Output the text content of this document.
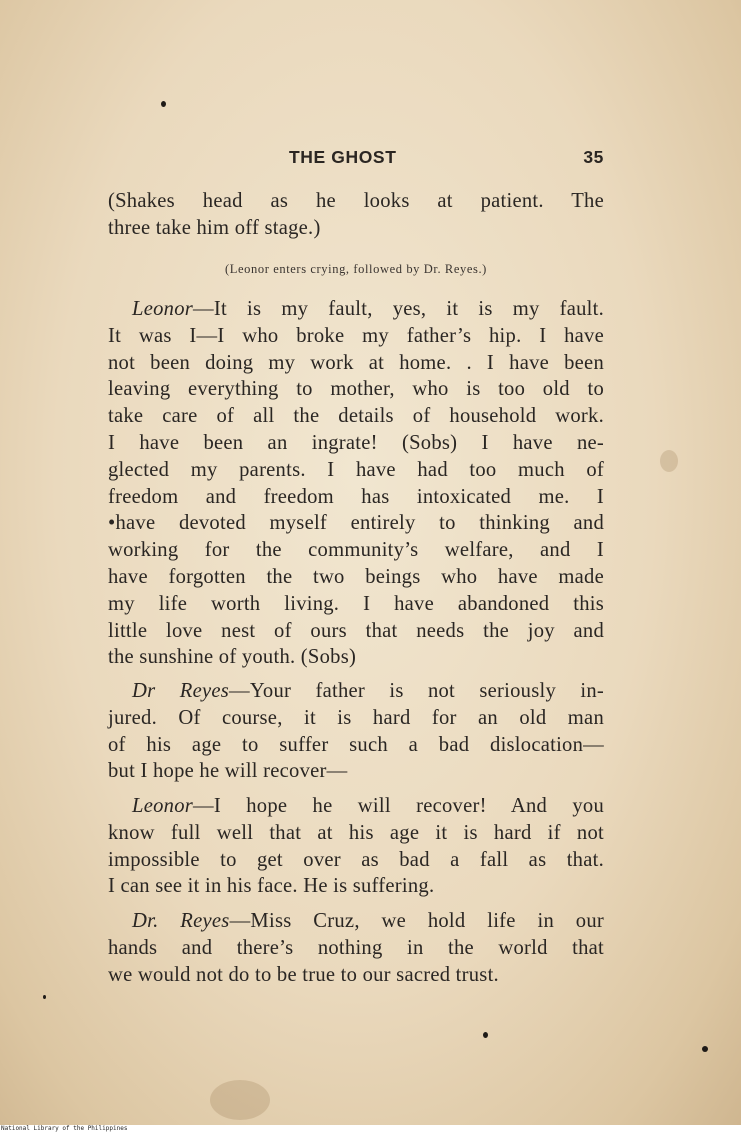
THE GHOST	35
(Shakes head as he looks at patient. The
three take him off stage.)
(Leonor enters crying, followed by Dr. Reyes.)
Leonor—It is my fault, yes, it is my fault.
It was I—I who broke my father’s hip. I have
not been doing my work at home. . I have been
leaving everything to mother, who is too old to
take care of all the details of household work.
I have been an ingrate! (Sobs) I have ne-
glected my parents. I have had too much of
freedom and freedom has intoxicated me. I
•have devoted myself entirely to thinking and
working for the community’s welfare, and I
have forgotten the two beings who have made
my life worth living. I have abandoned this
little love nest of ours that needs the joy and
the sunshine of youth. (Sobs)
Dr Reyes—Your father is not seriously in-
jured. Of course, it is hard for an old man
of his age to suffer such a bad dislocation—
but I hope he will recover—
Leonor—I hope he will recover! And you
know full well that at his age it is hard if not
impossible to get over as bad a fall as that.
I can see it in his face. He is suffering.
Dr. Reyes—Miss Cruz, we hold life in our
hands and there’s nothing in the world that
we would not do to be true to our sacred trust.
National Library of the Philippines
